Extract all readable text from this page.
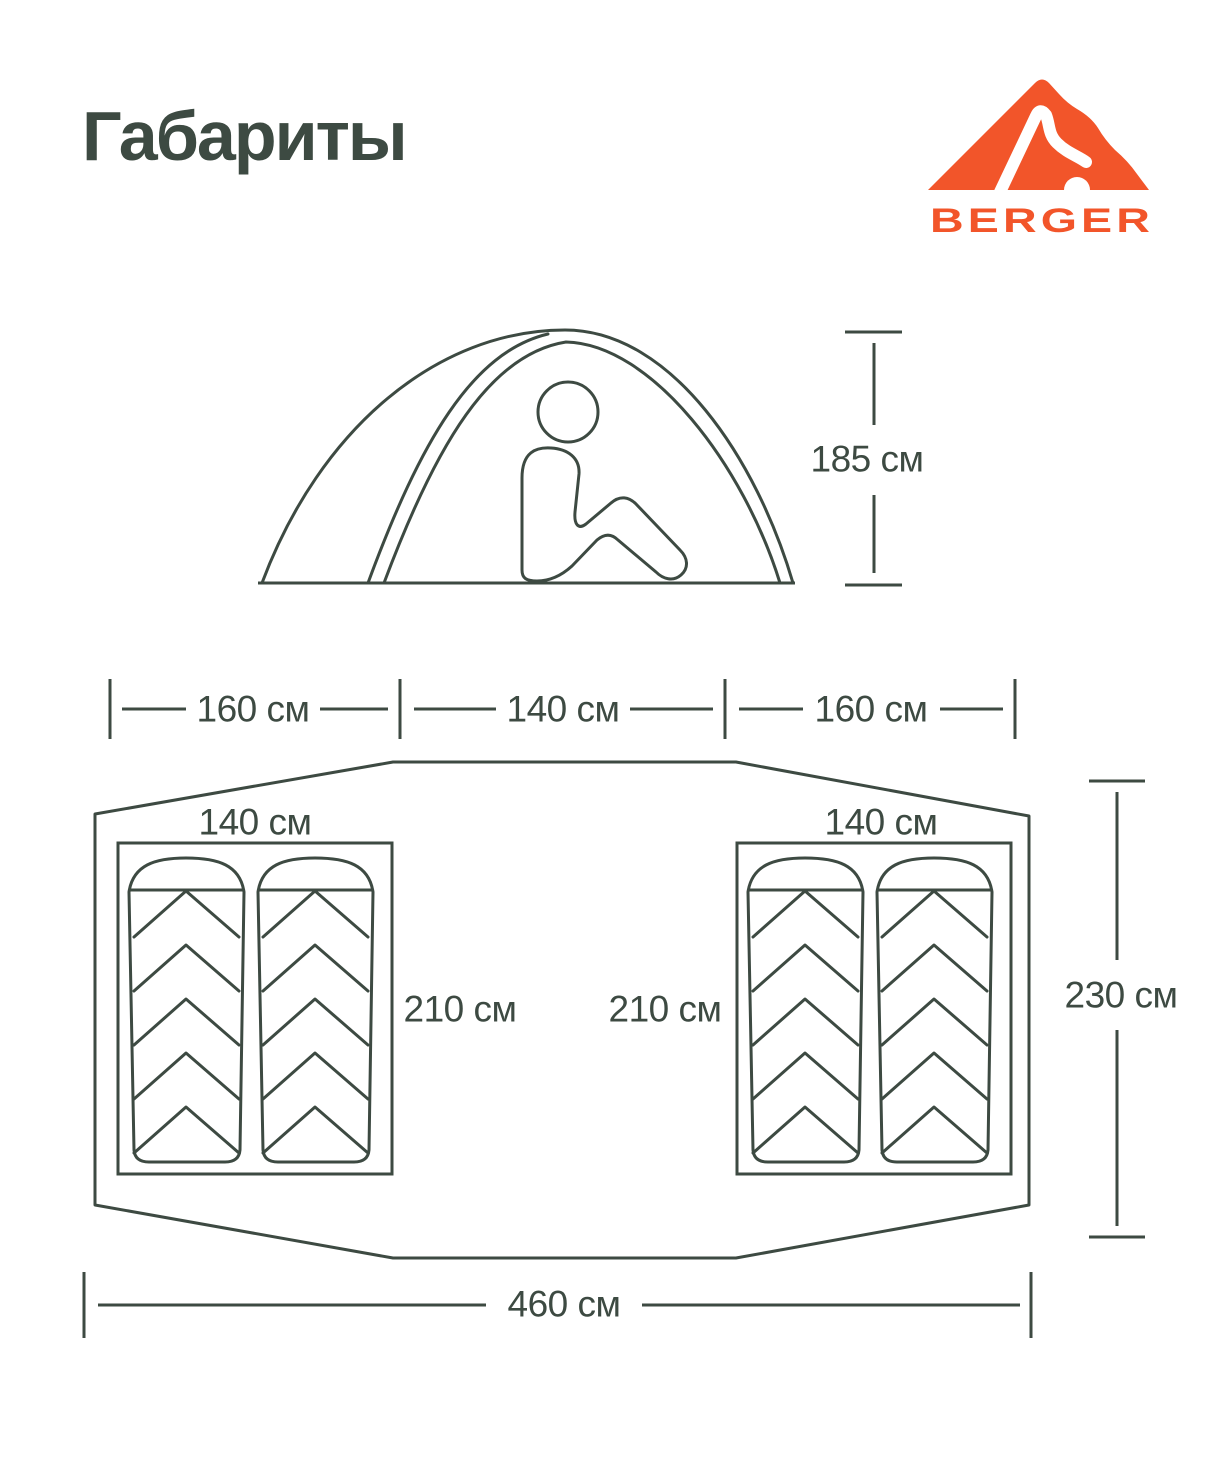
Габариты
BERGER
185 см
160 см	140 см	160 см
140 см	140 см
210 см 210 см	230 см
460 см
